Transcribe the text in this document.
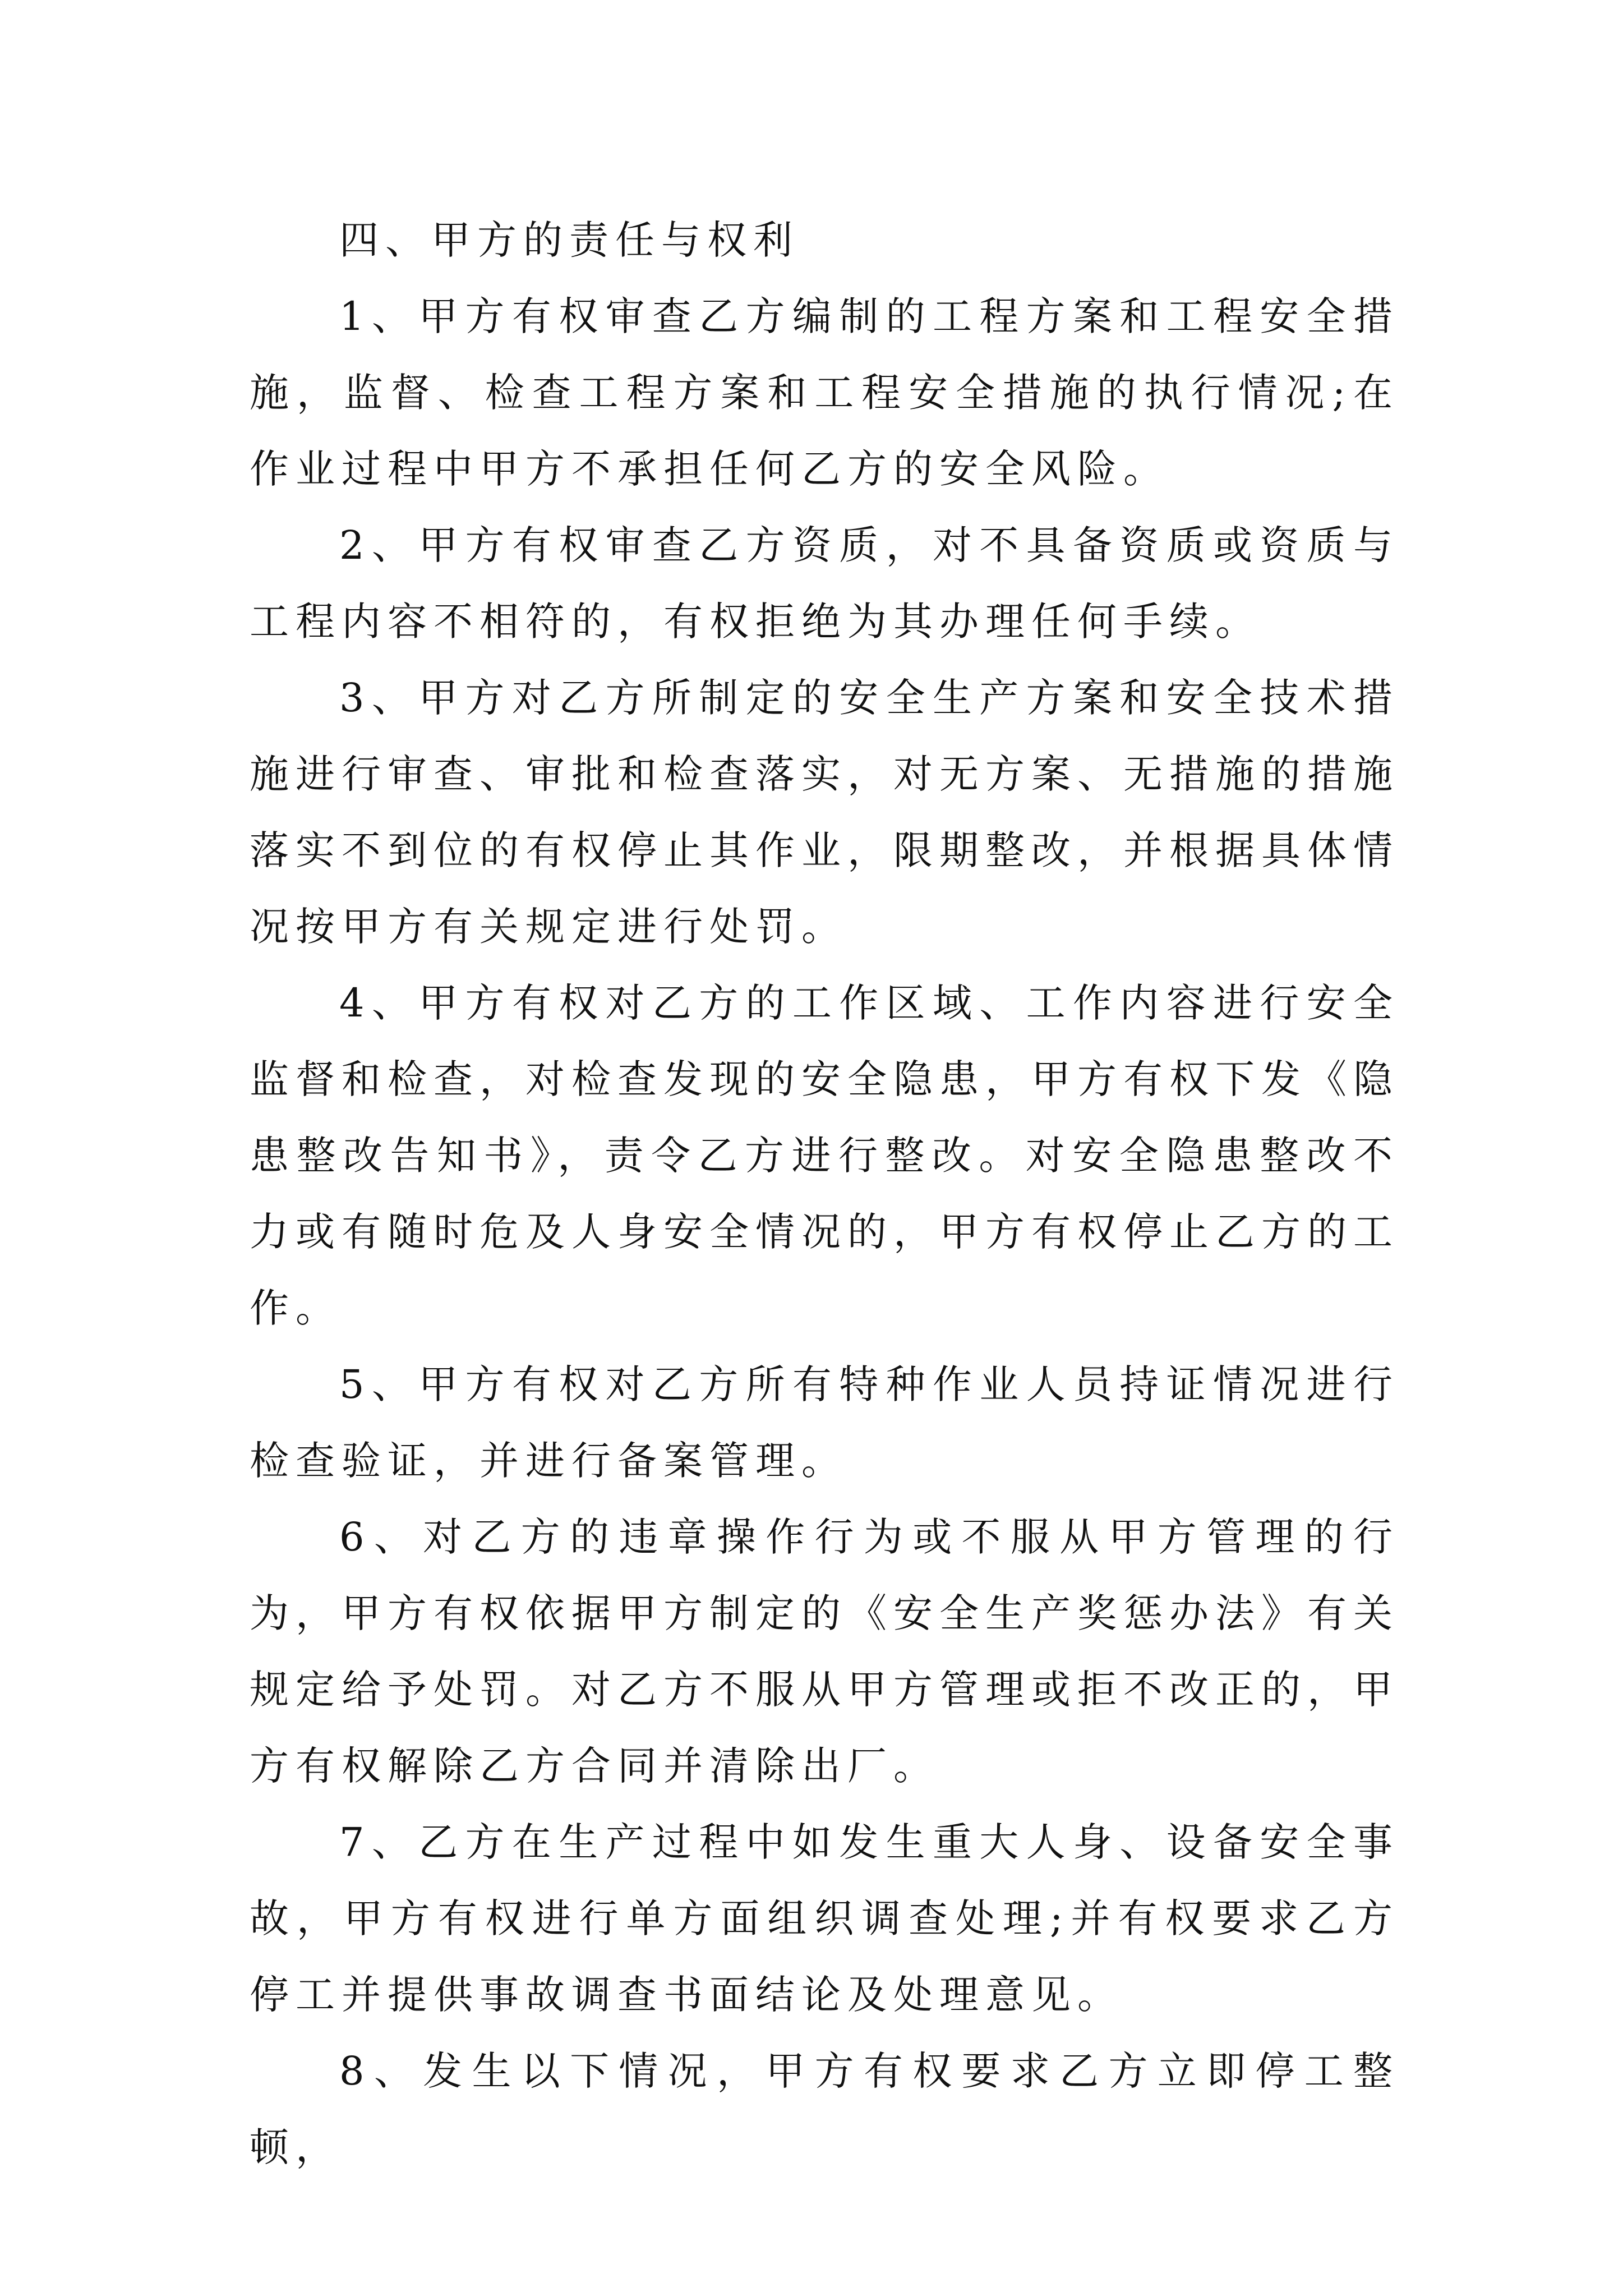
四、甲方的责任与权利

1、甲方有权审查乙方编制的工程方案和工程安全措施，监督、检查工程方案和工程安全措施的执行情况;在作业过程中甲方不承担任何乙方的安全风险。

2、甲方有权审查乙方资质，对不具备资质或资质与工程内容不相符的，有权拒绝为其办理任何手续。

3、甲方对乙方所制定的安全生产方案和安全技术措施进行审查、审批和检查落实，对无方案、无措施的措施落实不到位的有权停止其作业，限期整改，并根据具体情况按甲方有关规定进行处罚。

4、甲方有权对乙方的工作区域、工作内容进行安全监督和检查，对检查发现的安全隐患，甲方有权下发《隐患整改告知书》，责令乙方进行整改。对安全隐患整改不力或有随时危及人身安全情况的，甲方有权停止乙方的工作。

5、甲方有权对乙方所有特种作业人员持证情况进行检查验证，并进行备案管理。

6、对乙方的违章操作行为或不服从甲方管理的行为，甲方有权依据甲方制定的《安全生产奖惩办法》有关规定给予处罚。对乙方不服从甲方管理或拒不改正的，甲方有权解除乙方合同并清除出厂。

7、乙方在生产过程中如发生重大人身、设备安全事故，甲方有权进行单方面组织调查处理;并有权要求乙方停工并提供事故调查书面结论及处理意见。

8、发生以下情况，甲方有权要求乙方立即停工整顿，
